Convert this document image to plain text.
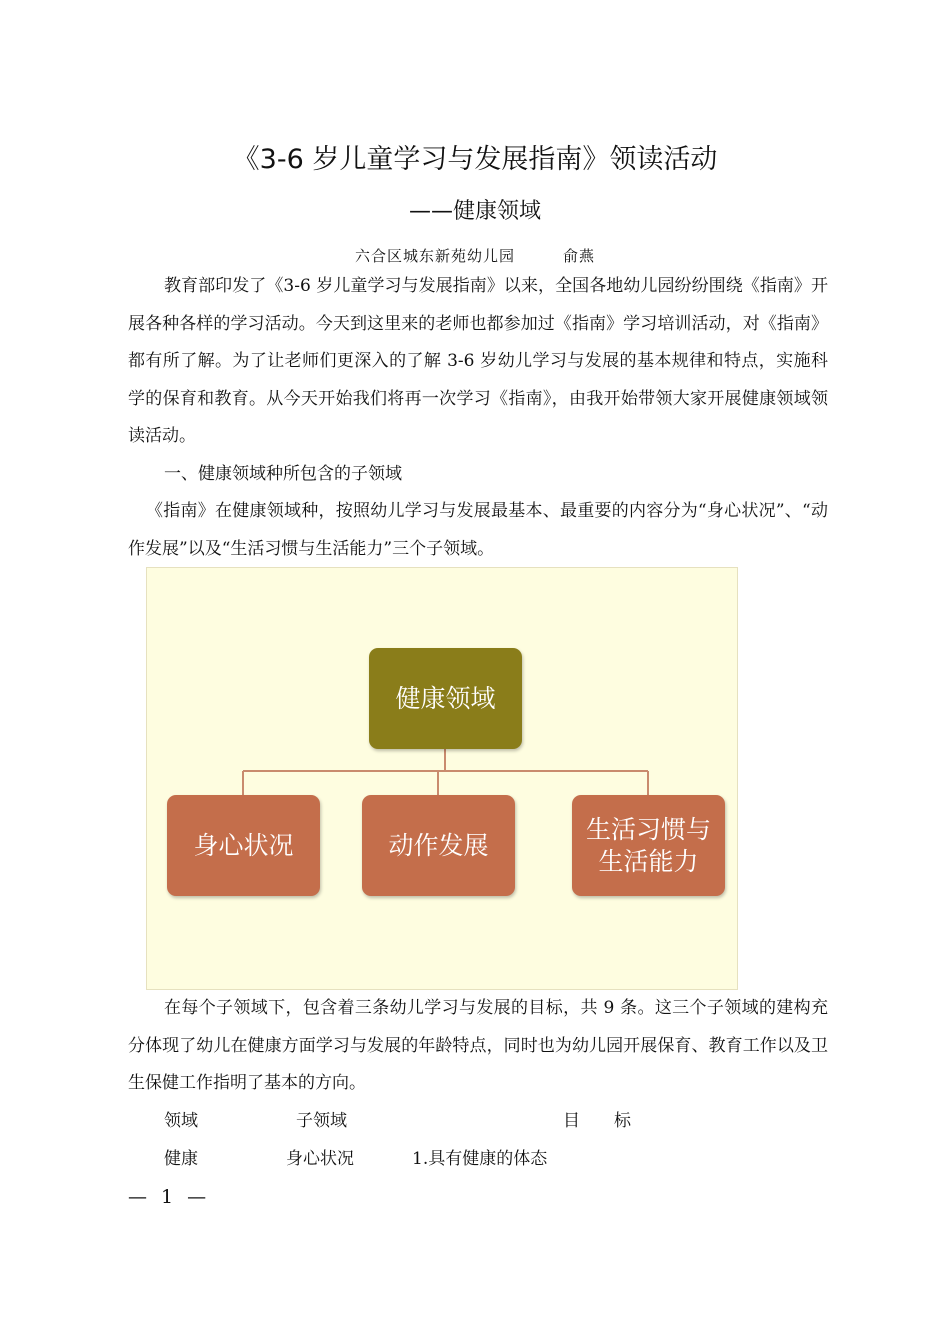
《3-6 岁儿童学习与发展指南》领读活动
——健康领域
六合区城东新苑幼儿园	俞燕
教育部印发了《3-6 岁儿童学习与发展指南》以来，全国各地幼儿园纷纷围绕《指南》开展各种各样的学习活动。今天到这里来的老师也都参加过《指南》学习培训活动，对《指南》都有所了解。为了让老师们更深入的了解 3-6 岁幼儿学习与发展的基本规律和特点，实施科学的保育和教育。从今天开始我们将再一次学习《指南》，由我开始带领大家开展健康领域领读活动。
一、健康领域种所包含的子领域
《指南》在健康领域种，按照幼儿学习与发展最基本、最重要的内容分为“身心状况”、“动作发展”以及“生活习惯与生活能力”三个子领域。
健康领域
身心状况	动作发展
生活习惯与
生活能力
在每个子领域下，包含着三条幼儿学习与发展的目标，共 9 条。这三个子领域的建构充分体现了幼儿在健康方面学习与发展的年龄特点，同时也为幼儿园开展保育、教育工作以及卫生保健工作指明了基本的方向。
领域	子领域	目　　标
健康	身心状况	1.具有健康的体态
— 1 —
